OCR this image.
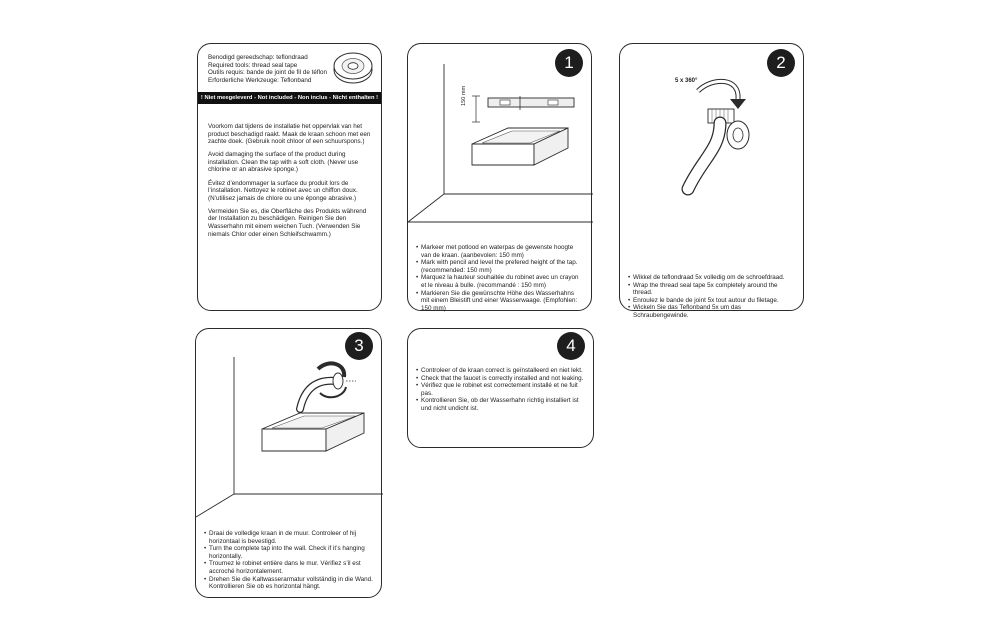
Benodigd gereedschap: teflondraad
Required tools: thread seal tape
Outils requis: bande de joint de fil de téflon
Erforderliche Werkzeuge: Teflonband
! Niet meegeleverd - Not included - Non inclus - Nicht enthalten !

Voorkom dat tijdens de installatie het oppervlak van het product beschadigd raakt. Maak de kraan schoon met een zachte doek. (Gebruik nooit chloor of een schuurspons.)

Avoid damaging the surface of the product during installation. Clean the tap with a soft cloth. (Never use chlorine or an abrasive sponge.)

Évitez d’endommager la surface du produit lors de l’installation. Nettoyez le robinet avec un chiffon doux. (N’utilisez jamais de chlore ou une éponge abrasive.)

Vermeiden Sie es, die Oberfläche des Produkts während der Installation zu beschädigen. Reinigen Sie den Wasserhahn mit einem weichen Tuch. (Verwenden Sie niemals Chlor oder einen Schleifschwamm.)

150 mm
1
• Markeer met potlood en waterpas de gewenste hoogte van de kraan. (aanbevolen: 150 mm)
• Mark with pencil and level the prefered height of the tap. (recommended: 150 mm)
• Marquez la hauteur souhaitée du robinet avec un crayon et le niveau à bulle. (recommandé : 150 mm)
• Markieren Sie die gewünschte Höhe des Wasserhahns mit einem Bleistift und einer Wasserwaage. (Empfohlen: 150 mm)
2
5 x 360°
• Wikkel de teflondraad 5x volledig om de schroefdraad.
• Wrap the thread seal tape 5x completely around the thread.
• Enroulez le bande de joint 5x tout autour du filetage.
• Wickeln Sie das Teflonband 5x um das Schraubengewinde.
3
• Draai de volledige kraan in de muur. Controleer of hij horizontaal is bevestigd.
• Turn the complete tap into the wall. Check if it’s hanging horizontally.
• Trournez le robinet entière dans le mur. Vérifiez s’il est accroché horizontalement.
• Drehen Sie die Kaltwasserarmatur vollständig in die Wand. Kontrollieren Sie ob es horizontal hängt.
4
• Controleer of de kraan correct is geïnstalleerd en niet lekt.
• Check that the faucet is correctly installed and not leaking.
• Vérifiez que le robinet est correctement installé et ne fuit pas.
• Kontrollieren Sie, ob der Wasserhahn richtig installiert ist und nicht undicht ist.
